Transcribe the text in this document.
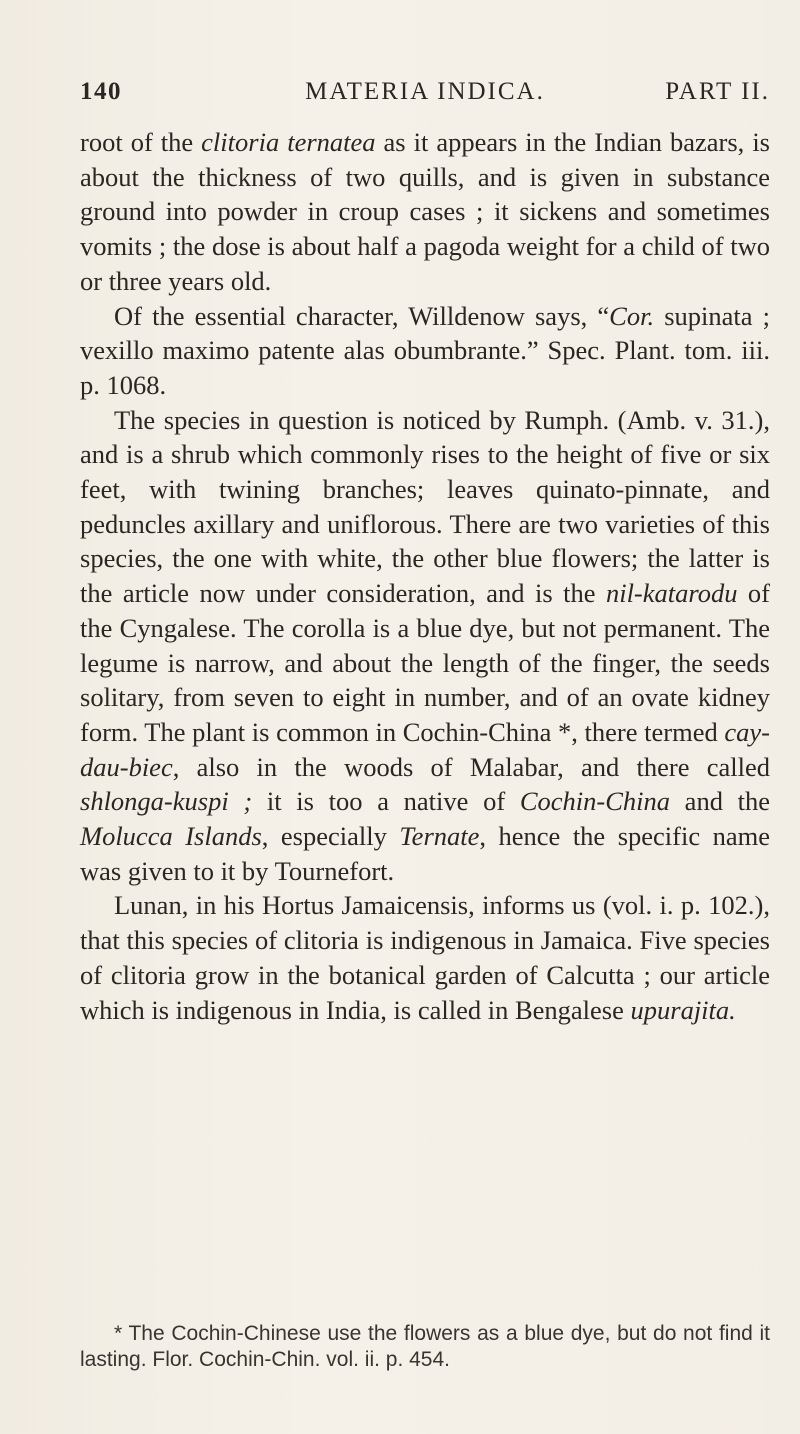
140	MATERIA INDICA.	PART II.

root of the clitoria ternatea as it appears in the Indian bazars, is about the thickness of two quills, and is given in substance ground into powder in croup cases ; it sickens and sometimes vomits ; the dose is about half a pagoda weight for a child of two or three years old.

Of the essential character, Willdenow says, “Cor. supinata ; vexillo maximo patente alas obumbrante.” Spec. Plant. tom. iii. p. 1068.

The species in question is noticed by Rumph. (Amb. v. 31.), and is a shrub which commonly rises to the height of five or six feet, with twining branches; leaves quinato-pinnate, and peduncles axillary and uniflorous. There are two varieties of this species, the one with white, the other blue flowers; the latter is the article now under consideration, and is the nil-katarodu of the Cyngalese. The corolla is a blue dye, but not permanent. The legume is narrow, and about the length of the finger, the seeds solitary, from seven to eight in number, and of an ovate kidney form. The plant is common in Cochin-China *, there termed cay-dau-biec, also in the woods of Malabar, and there called shlonga-kuspi ; it is too a native of Cochin-China and the Molucca Islands, especially Ternate, hence the specific name was given to it by Tournefort.

Lunan, in his Hortus Jamaicensis, informs us (vol. i. p. 102.), that this species of clitoria is indigenous in Jamaica. Five species of clitoria grow in the botanical garden of Calcutta ; our article which is indigenous in India, is called in Bengalese upurajita.

* The Cochin-Chinese use the flowers as a blue dye, but do not find it lasting. Flor. Cochin-Chin. vol. ii. p. 454.
